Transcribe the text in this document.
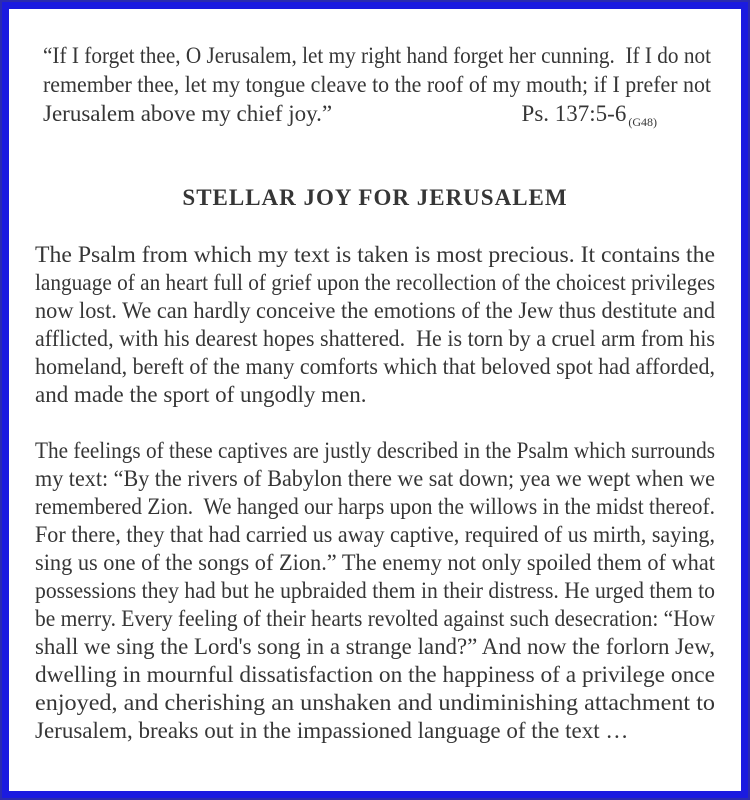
“If I forget thee, O Jerusalem, let my right hand forget her cunning.  If I do not
remember thee, let my tongue cleave to the roof of my mouth; if I prefer not
Jerusalem above my chief joy.”	Ps. 137:5-6 $_{(G48)}$
STELLAR JOY FOR JERUSALEM
The Psalm from which my text is taken is most precious. It contains the
language of an heart full of grief upon the recollection of the choicest privileges
now lost. We can hardly conceive the emotions of the Jew thus destitute and
afflicted, with his dearest hopes shattered.  He is torn by a cruel arm from his
homeland, bereft of the many comforts which that beloved spot had afforded,
and made the sport of ungodly men.
The feelings of these captives are justly described in the Psalm which surrounds
my text: “By the rivers of Babylon there we sat down; yea we wept when we
remembered Zion.  We hanged our harps upon the willows in the midst thereof.
For there, they that had carried us away captive, required of us mirth, saying,
sing us one of the songs of Zion.” The enemy not only spoiled them of what
possessions they had but he upbraided them in their distress. He urged them to
be merry. Every feeling of their hearts revolted against such desecration: “How
shall we sing the Lord's song in a strange land?” And now the forlorn Jew,
dwelling in mournful dissatisfaction on the happiness of a privilege once
enjoyed, and cherishing an unshaken and undiminishing attachment to
Jerusalem, breaks out in the impassioned language of the text …
